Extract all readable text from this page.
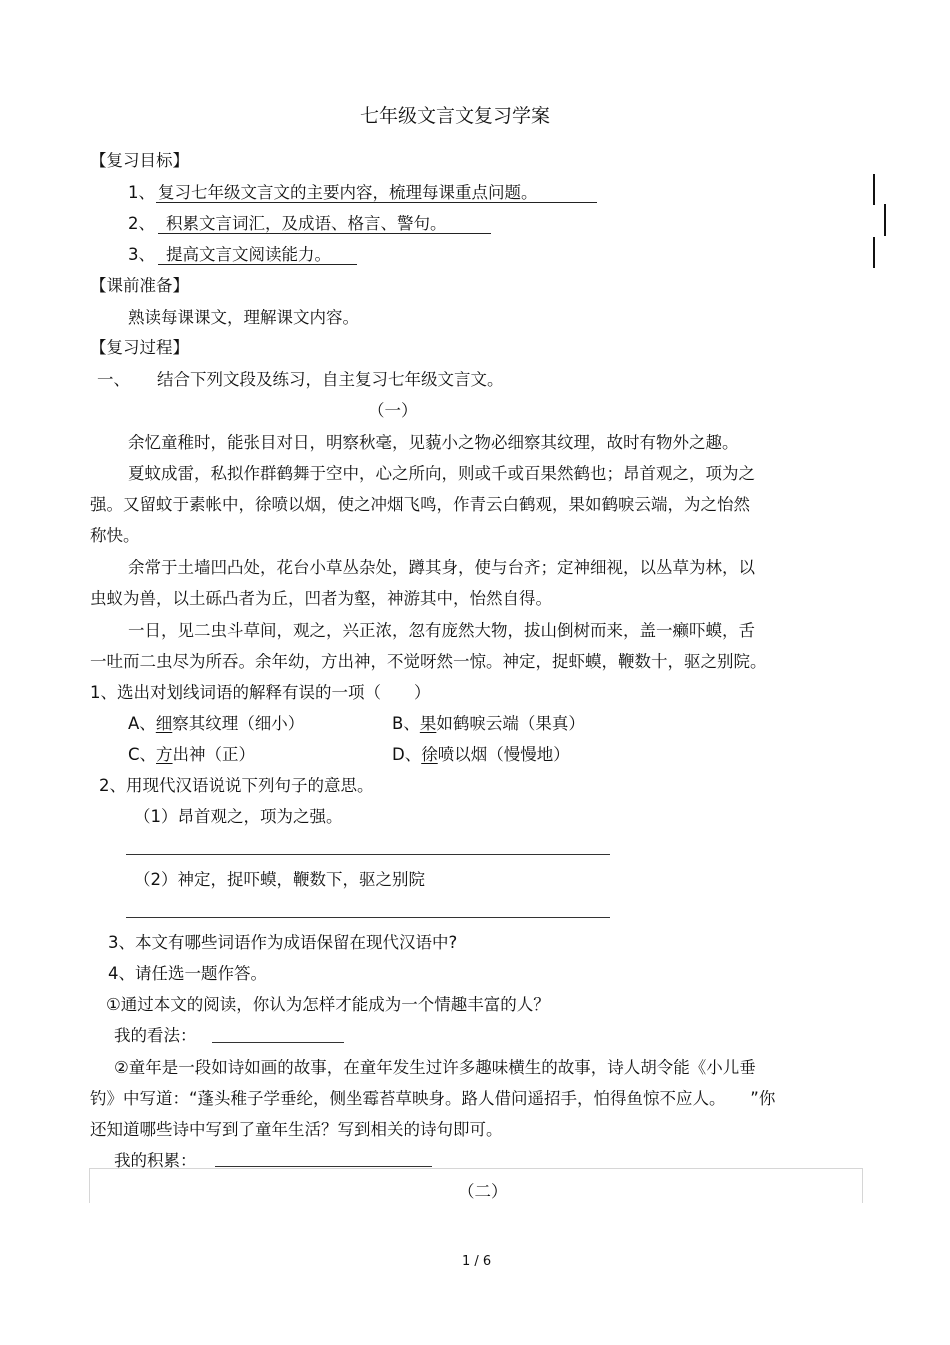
七年级文言文复习学案
【复习目标】
1、 复习七年级文言文的主要内容，梳理每课重点问题。
2、 积累文言词汇，及成语、格言、警句。
3、 提高文言文阅读能力。
【课前准备】
熟读每课课文，理解课文内容。
【复习过程】
一、 结合下列文段及练习，自主复习七年级文言文。
（一）
余忆童稚时，能张目对日，明察秋毫，见藐小之物必细察其纹理，故时有物外之趣。
夏蚊成雷，私拟作群鹤舞于空中，心之所向，则或千或百果然鹤也；昂首观之，项为之
强。又留蚊于素帐中，徐喷以烟，使之冲烟飞鸣，作青云白鹤观，果如鹤唳云端，为之怡然
称快。
余常于土墙凹凸处，花台小草丛杂处，蹲其身，使与台齐；定神细视，以丛草为林，以
虫蚁为兽，以土砾凸者为丘，凹者为壑，神游其中，怡然自得。
一日，见二虫斗草间，观之，兴正浓，忽有庞然大物，拔山倒树而来，盖一癞吓蟆，舌
一吐而二虫尽为所吞。余年幼，方出神，不觉呀然一惊。神定，捉虾蟆，鞭数十，驱之别院。
1、选出对划线词语的解释有误的一项（　　）
A、细察其纹理（细小）	B、果如鹤唳云端（果真）
C、方出神（正）	D、徐喷以烟（慢慢地）
2、用现代汉语说说下列句子的意思。
（1）昂首观之，项为之强。
（2）神定，捉吓蟆，鞭数下，驱之别院
3、本文有哪些词语作为成语保留在现代汉语中?
4、请任选一题作答。
①通过本文的阅读，你认为怎样才能成为一个情趣丰富的人？
我的看法：
②童年是一段如诗如画的故事，在童年发生过许多趣味横生的故事，诗人胡令能《小儿垂
钓》中写道：“蓬头稚子学垂纶，侧坐霉苔草映身。路人借问遥招手，怕得鱼惊不应人。　　”你
还知道哪些诗中写到了童年生活？写到相关的诗句即可。
我的积累：
（二）
1 / 6
